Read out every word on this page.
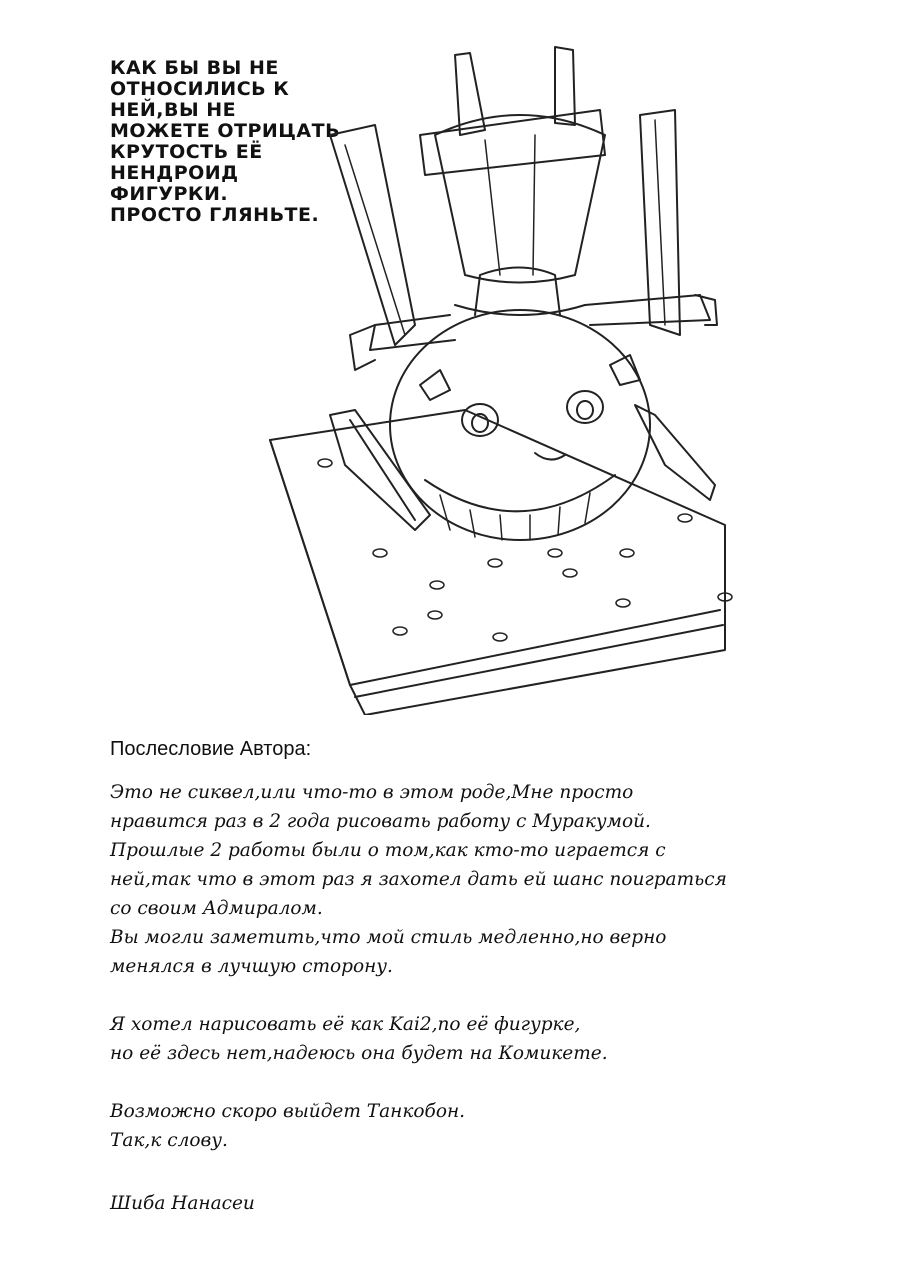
КАК БЫ ВЫ НЕ
ОТНОСИЛИСЬ К
НЕЙ,ВЫ НЕ
МОЖЕТЕ ОТРИЦАТЬ
КРУТОСТЬ ЕЁ
НЕНДРОИД
ФИГУРКИ.
ПРОСТО ГЛЯНЬТЕ.
Послесловие Автора:
Это не сиквел,или что-то в этом роде,Мне просто
нравится раз в 2 года рисовать работу с Муракумой.
Прошлые 2 работы были о том,как кто-то играется с
ней,так что в этот раз я захотел дать ей шанс поиграться
со своим Адмиралом.
Вы могли заметить,что мой стиль медленно,но верно
менялся в лучшую сторону.
Я хотел нарисовать её как Kai2,по её фигурке,
но её здесь нет,надеюсь она будет на Комикете.
Возможно скоро выйдет Танкобон.
Так,к слову.
Шиба Нанасеи
